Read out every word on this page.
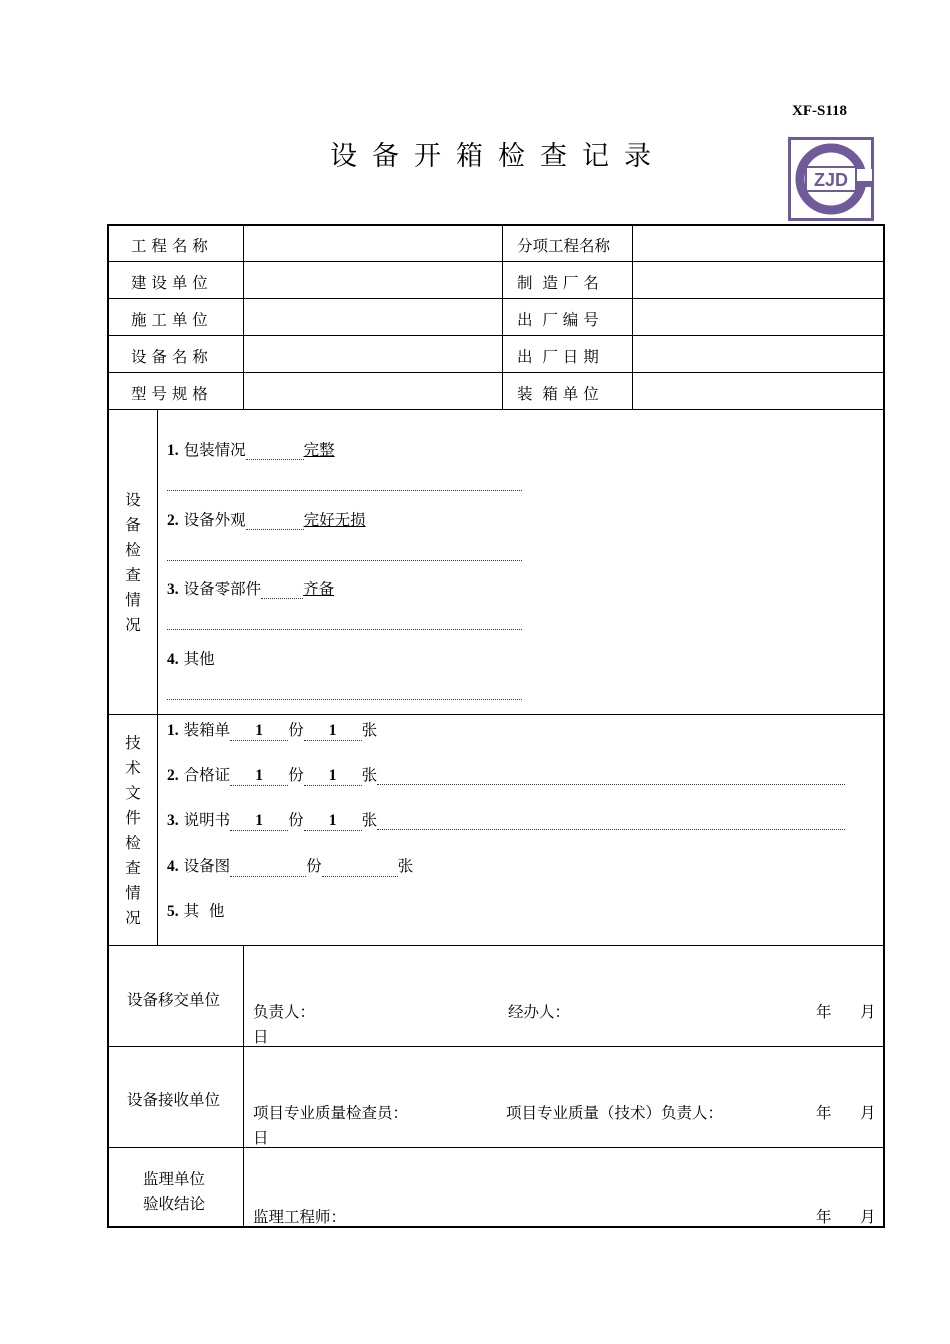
XF-S118
设备开箱检查记录
ZJD
工 程 名 称	分项工程名称
建 设 单 位	制  造 厂 名
施 工 单 位	出  厂 编 号
设 备 名 称	出  厂 日 期
型 号 规 格	装  箱 单 位
设
备
检
查
情
况
1. 包装情况	完整
2. 设备外观	完好无损
3. 设备零部件	齐备
4. 其他
技
术
文
件
检
查
情
况
1. 装箱单 1 份 1 张
2. 合格证 1 份 1 张
3. 说明书 1 份 1 张
4. 设备图	份	张
5. 其  他
设备移交单位
负责人：	经办人：	年 月
日
设备接收单位
项目专业质量检查员：	项目专业质量（技术）负责人：	年 月
日
监理单位
验收结论
监理工程师：	年 月
